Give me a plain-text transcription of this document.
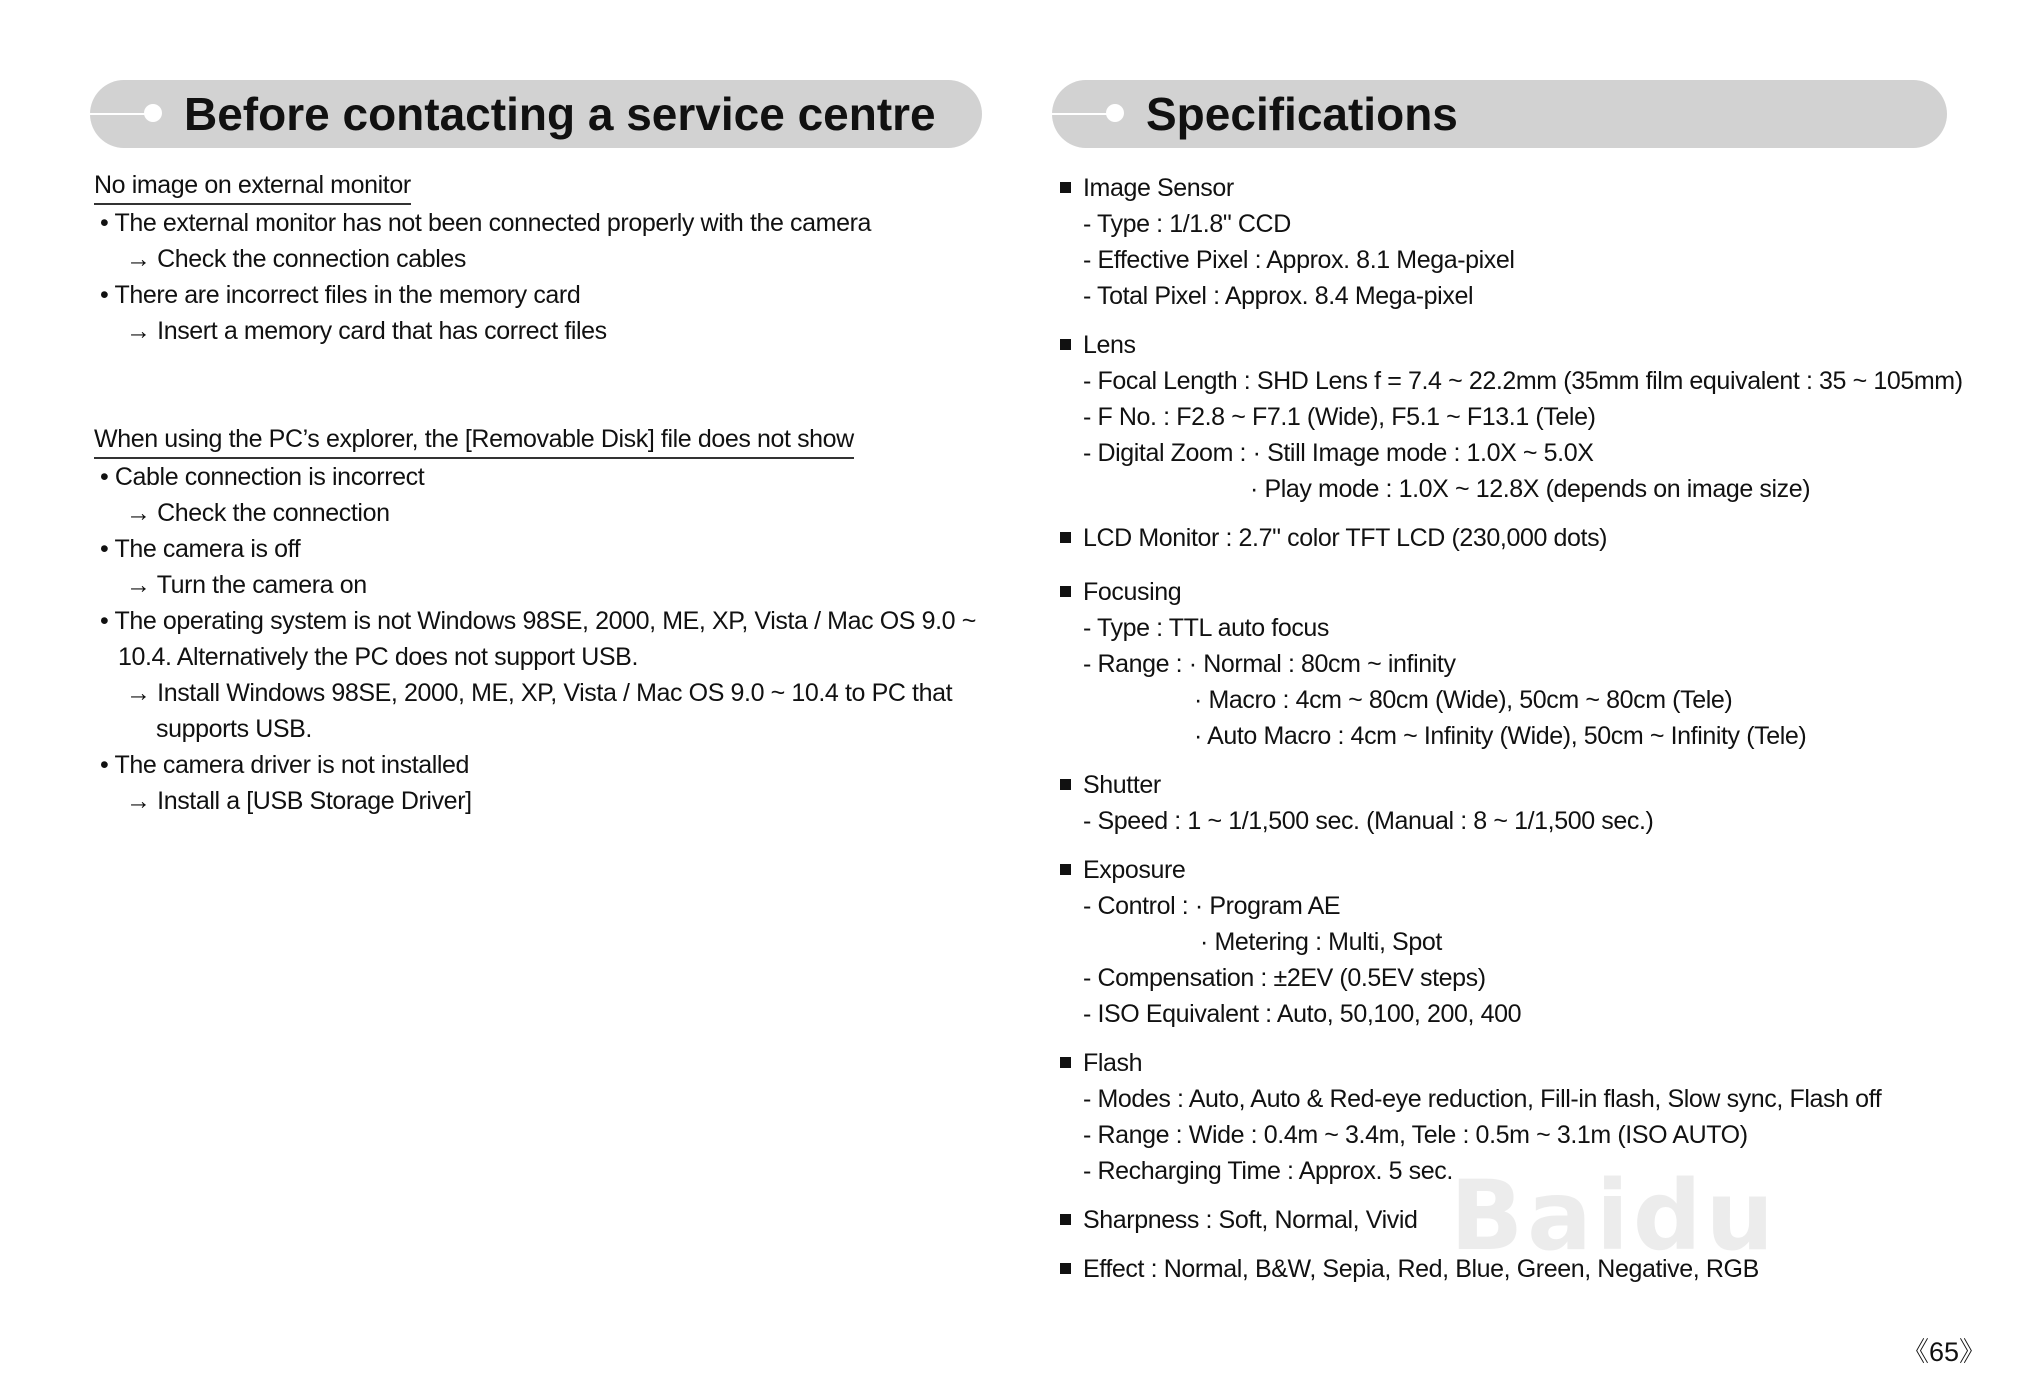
Before contacting a service centre	Specifications
No image on external monitor
• The external monitor has not been connected properly with the camera
→ Check the connection cables
• There are incorrect files in the memory card
→ Insert a memory card that has correct files
When using the PC’s explorer, the [Removable Disk] file does not show
• Cable connection is incorrect
→ Check the connection
• The camera is off
→ Turn the camera on
• The operating system is not Windows 98SE, 2000, ME, XP, Vista / Mac OS 9.0 ~
10.4. Alternatively the PC does not support USB.
→ Install Windows 98SE, 2000, ME, XP, Vista / Mac OS 9.0 ~ 10.4 to PC that
supports USB.
• The camera driver is not installed
→ Install a [USB Storage Driver]
Image Sensor
- Type : 1/1.8" CCD
- Effective Pixel : Approx. 8.1 Mega-pixel
- Total Pixel : Approx. 8.4 Mega-pixel
Lens
- Focal Length : SHD Lens f = 7.4 ~ 22.2mm (35mm film equivalent : 35 ~ 105mm)
- F No. : F2.8 ~ F7.1 (Wide), F5.1 ~ F13.1 (Tele)
- Digital Zoom : · Still Image mode : 1.0X ~ 5.0X
· Play mode : 1.0X ~ 12.8X (depends on image size)
LCD Monitor : 2.7" color TFT LCD (230,000 dots)
Focusing
- Type : TTL auto focus
- Range : · Normal : 80cm ~ infinity
· Macro : 4cm ~ 80cm (Wide), 50cm ~ 80cm (Tele)
· Auto Macro : 4cm ~ Infinity (Wide), 50cm ~ Infinity (Tele)
Shutter
- Speed : 1 ~ 1/1,500 sec. (Manual : 8 ~ 1/1,500 sec.)
Exposure
- Control : · Program AE
· Metering : Multi, Spot
- Compensation : ±2EV (0.5EV steps)
- ISO Equivalent : Auto, 50,100, 200, 400
Flash
- Modes : Auto, Auto & Red-eye reduction, Fill-in flash, Slow sync, Flash off
- Range : Wide : 0.4m ~ 3.4m, Tele : 0.5m ~ 3.1m (ISO AUTO)
- Recharging Time : Approx. 5 sec.
Sharpness : Soft, Normal, Vivid
Effect : Normal, B&W, Sepia, Red, Blue, Green, Negative, RGB
Baidu
《65》
